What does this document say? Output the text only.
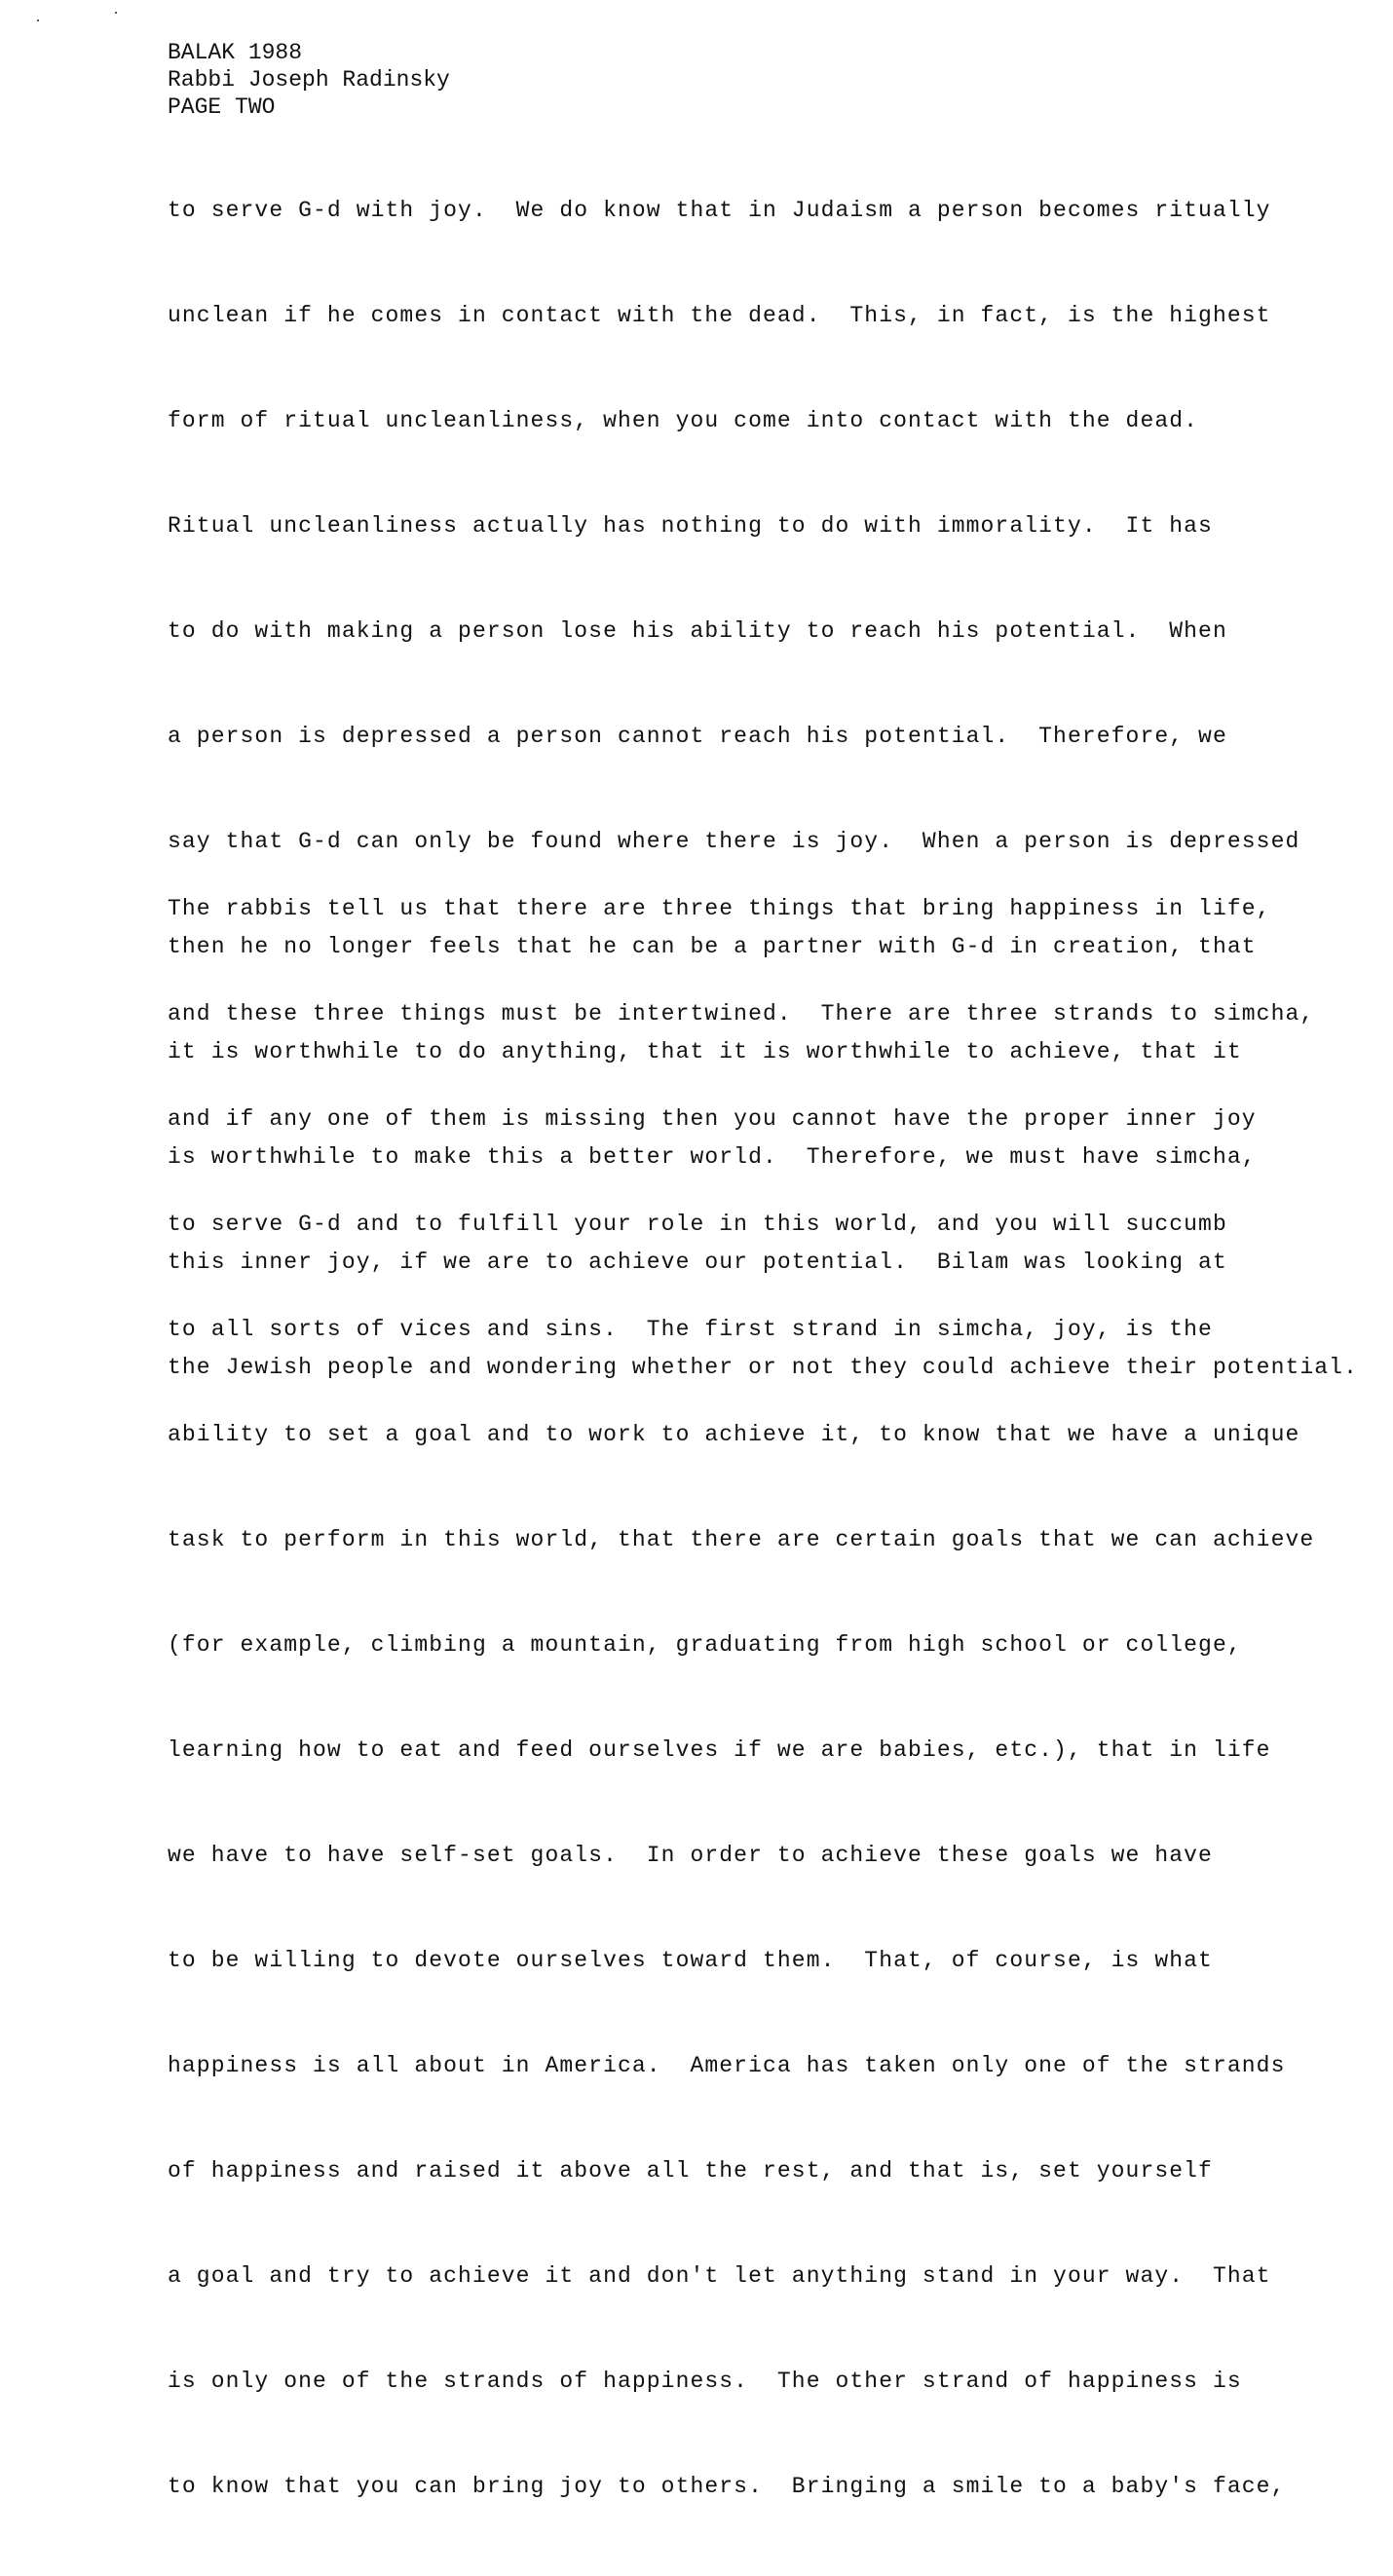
BALAK 1988
Rabbi Joseph Radinsky
PAGE TWO

to serve G-d with joy.  We do know that in Judaism a person becomes ritually

unclean if he comes in contact with the dead.  This, in fact, is the highest

form of ritual uncleanliness, when you come into contact with the dead.

Ritual uncleanliness actually has nothing to do with immorality.  It has

to do with making a person lose his ability to reach his potential.  When

a person is depressed a person cannot reach his potential.  Therefore, we

say that G-d can only be found where there is joy.  When a person is depressed

then he no longer feels that he can be a partner with G-d in creation, that

it is worthwhile to do anything, that it is worthwhile to achieve, that it

is worthwhile to make this a better world.  Therefore, we must have simcha,

this inner joy, if we are to achieve our potential.  Bilam was looking at

the Jewish people and wondering whether or not they could achieve their potential.

The rabbis tell us that there are three things that bring happiness in life,

and these three things must be intertwined.  There are three strands to simcha,

and if any one of them is missing then you cannot have the proper inner joy

to serve G-d and to fulfill your role in this world, and you will succumb

to all sorts of vices and sins.  The first strand in simcha, joy, is the

ability to set a goal and to work to achieve it, to know that we have a unique

task to perform in this world, that there are certain goals that we can achieve

(for example, climbing a mountain, graduating from high school or college,

learning how to eat and feed ourselves if we are babies, etc.), that in life

we have to have self-set goals.  In order to achieve these goals we have

to be willing to devote ourselves toward them.  That, of course, is what

happiness is all about in America.  America has taken only one of the strands

of happiness and raised it above all the rest, and that is, set yourself

a goal and try to achieve it and don't let anything stand in your way.  That

is only one of the strands of happiness.  The other strand of happiness is

to know that you can bring joy to others.  Bringing a smile to a baby's face,
